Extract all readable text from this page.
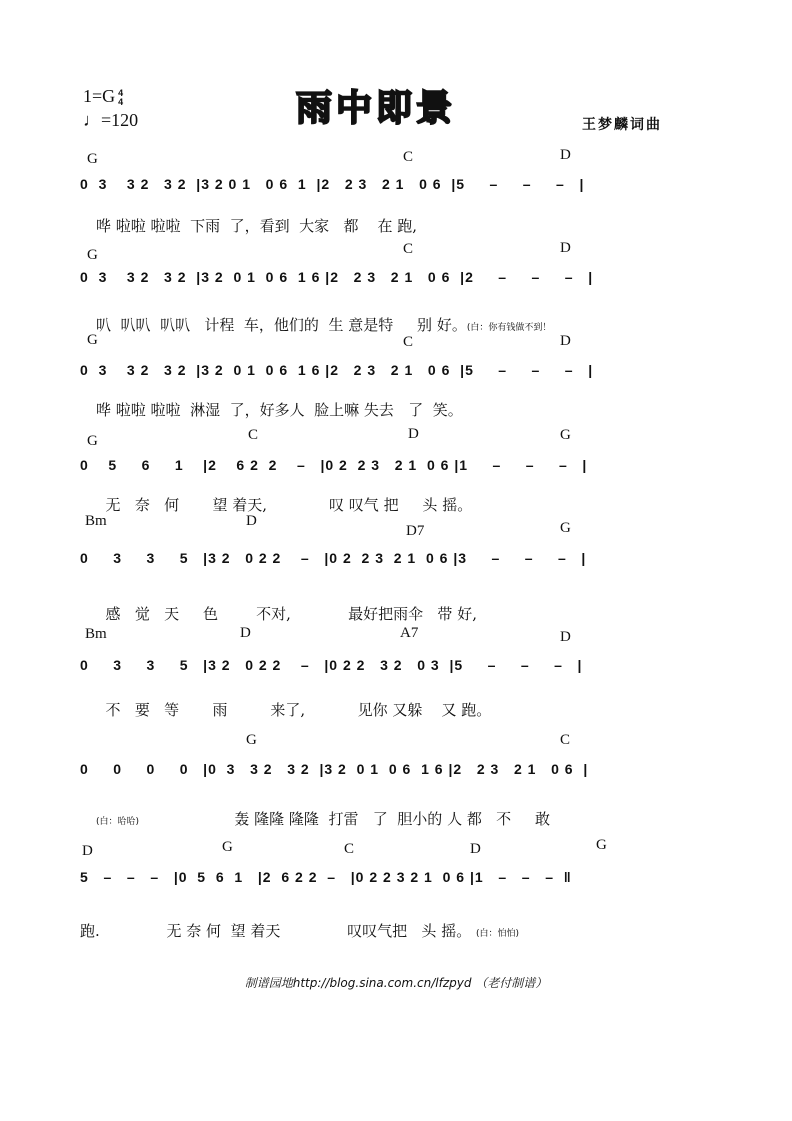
1=G 4
4
♩=120	雨中即景	王梦麟词曲
G	C	D
0  3    3 2   3 2  |3 2 0 1   0 6  1  |2   2 3   2 1   0 6  |5     –     –     –   |
哗 啦啦 啦啦  下雨  了，看到  大家   都    在 跑,
G	C	D
0  3    3 2   3 2  |3 2  0 1  0 6  1 6 |2   2 3   2 1   0 6  |2     –     –     –   |
叭  叭叭  叭叭   计程  车，他们的  生 意是特     别 好。(白：你有钱做不到！
G	C	D
0  3    3 2   3 2  |3 2  0 1  0 6  1 6 |2   2 3   2 1   0 6  |5     –     –     –   |
哗 啦啦 啦啦  淋湿  了，好多人  脸上嘛 失去   了  笑。
G	C	D	G
0    5     6     1    |2    6 2  2    –   |0 2  2 3   2 1  0 6 |1     –     –     –   |
无   奈   何       望 着天,             叹 叹气 把     头 摇。
Bm	D
D7	G
0     3     3     5   |3 2   0 2 2    –   |0 2  2 3  2 1  0 6 |3     –     –     –   |
感   觉   天     色        不对,            最好把雨伞   带 好,
Bm	D	A7	D
0     3     3     5   |3 2   0 2 2    –   |0 2 2   3 2   0 3  |5     –     –     –   |
不   要   等       雨         来了,           见你 又躲    又 跑。
G	C
0     0     0     0   |0  3   3 2   3 2  |3 2  0 1  0 6  1 6 |2   2 3   2 1   0 6  |
(白：哈哈)                    轰 隆隆 隆隆  打雷   了  胆小的 人 都   不     敢
D	G	C	D	G
5   –   –   –   |0  5  6  1   |2  6 2 2  –   |0 2 2 3 2 1  0 6 |1   –   –   –  ‖
跑.              无 奈 何  望 着天              叹叹气把   头 摇。 (白：怕怕)
制谱园地http://blog.sina.com.cn/lfzpyd （老付制谱）
